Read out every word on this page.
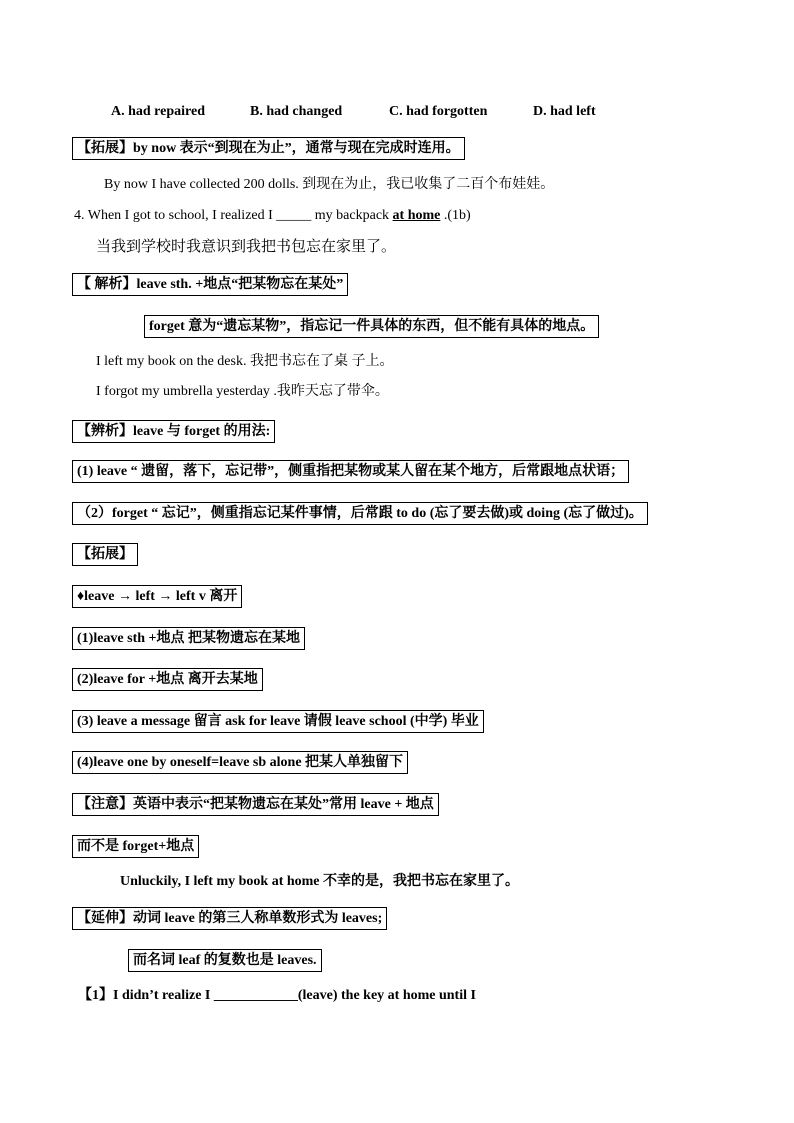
A. had repaired	B. had changed	C. had forgotten	D. had left
【拓展】by now 表示“到现在为止”，通常与现在完成时连用。
By now I have collected 200 dolls. 到现在为止，我已收集了二百个布娃娃。
4. When I got to school, I realized I _____ my backpack at home .(1b)
当我到学校时我意识到我把书包忘在家里了。
【 解析】leave sth. +地点“把某物忘在某处”
forget 意为“遗忘某物”，指忘记一件具体的东西，但不能有具体的地点。
I left my book on the desk. 我把书忘在了桌 子上。
I forgot my umbrella yesterday .我昨天忘了带伞。
【辨析】leave 与 forget 的用法:
(1) leave “ 遗留，落下，忘记带”，侧重指把某物或某人留在某个地方，后常跟地点状语；
（2）forget “ 忘记”，侧重指忘记某件事情，后常跟 to do (忘了要去做)或 doing (忘了做过)。
【拓展】
♦leave → left → left v 离开
(1)leave sth +地点 把某物遗忘在某地
(2)leave for +地点 离开去某地
(3) leave a message 留言 ask for leave 请假 leave school (中学) 毕业
(4)leave one by oneself=leave sb alone 把某人单独留下
【注意】英语中表示“把某物遗忘在某处”常用 leave + 地点
而不是 forget+地点
Unluckily, I left my book at home 不幸的是，我把书忘在家里了。
【延伸】动词 leave 的第三人称单数形式为 leaves;
而名词 leaf 的复数也是 leaves.
【1】I didn’t realize I ____________(leave) the key at home until I
